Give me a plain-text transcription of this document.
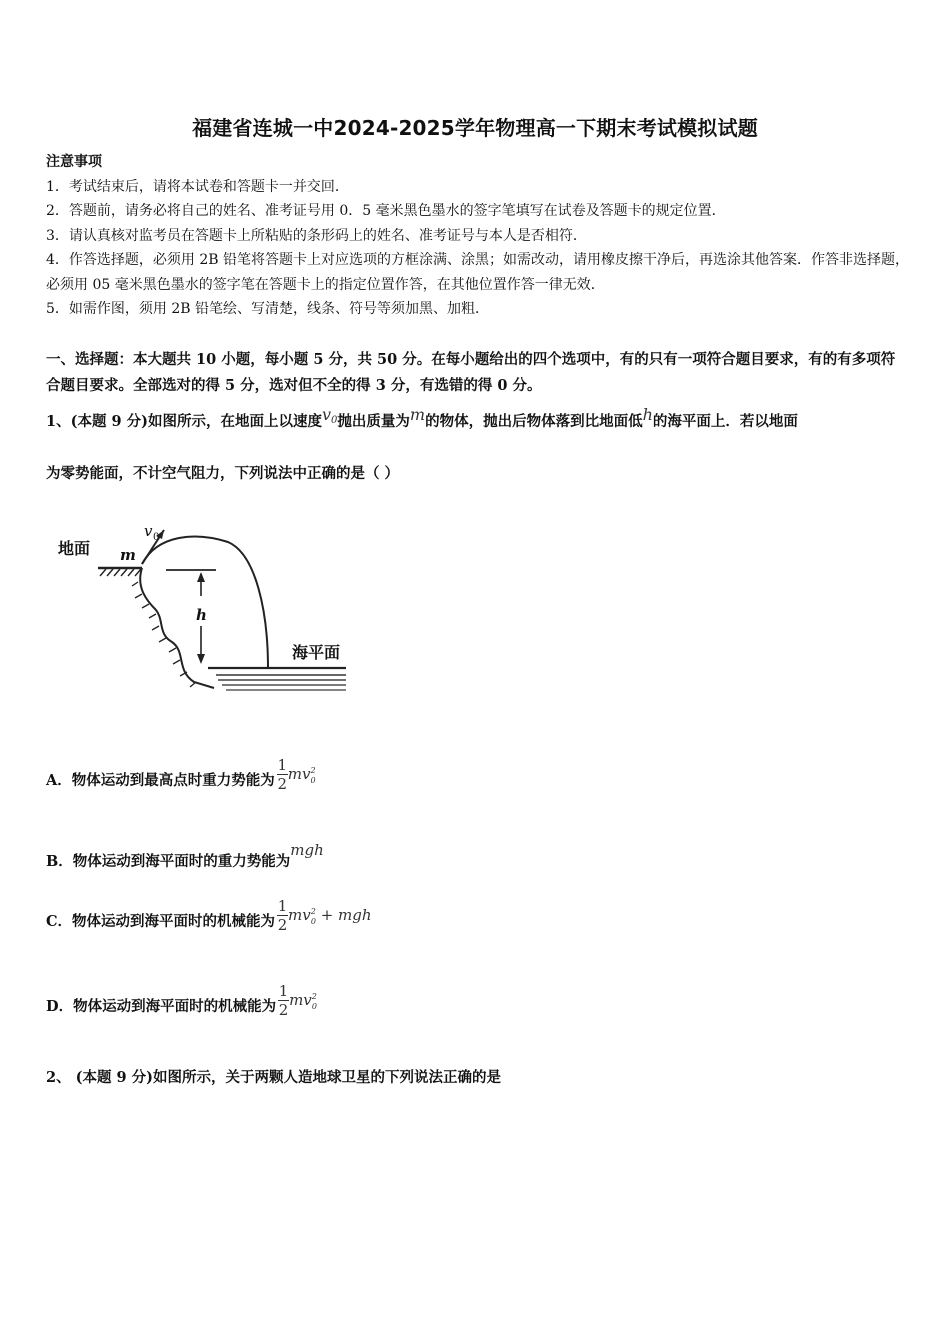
福建省连城一中2024-2025学年物理高一下期末考试模拟试题
注意事项
1．考试结束后，请将本试卷和答题卡一并交回．
2．答题前，请务必将自己的姓名、准考证号用 0．5 毫米黑色墨水的签字笔填写在试卷及答题卡的规定位置．
3．请认真核对监考员在答题卡上所粘贴的条形码上的姓名、准考证号与本人是否相符．
4．作答选择题，必须用 2B 铅笔将答题卡上对应选项的方框涂满、涂黑；如需改动，请用橡皮擦干净后，再选涂其他答案．作答非选择题，必须用 05 毫米黑色墨水的签字笔在答题卡上的指定位置作答，在其他位置作答一律无效．
5．如需作图，须用 2B 铅笔绘、写清楚，线条、符号等须加黑、加粗．
一、选择题：本大题共 10 小题，每小题 5 分，共 50 分。在每小题给出的四个选项中，有的只有一项符合题目要求，有的有多项符合题目要求。全部选对的得 5 分，选对但不全的得 3 分，有选错的得 0 分。
1、(本题 9 分)如图所示，在地面上以速度v0抛出质量为m的物体，抛出后物体落到比地面低h的海平面上．若以地面
为零势能面，不计空气阻力，下列说法中正确的是（ ）
地面 m
v 0
h
海平面
A．物体运动到最高点时重力势能为 $\frac{1}{2} mv^2_0$
B．物体运动到海平面时的重力势能为mgh
C．物体运动到海平面时的机械能为 $\frac{1}{2} mv^2_0$ + mgh
D．物体运动到海平面时的机械能为 $\frac{1}{2} mv^2_0$
2、 (本题 9 分)如图所示，关于两颗人造地球卫星的下列说法正确的是
